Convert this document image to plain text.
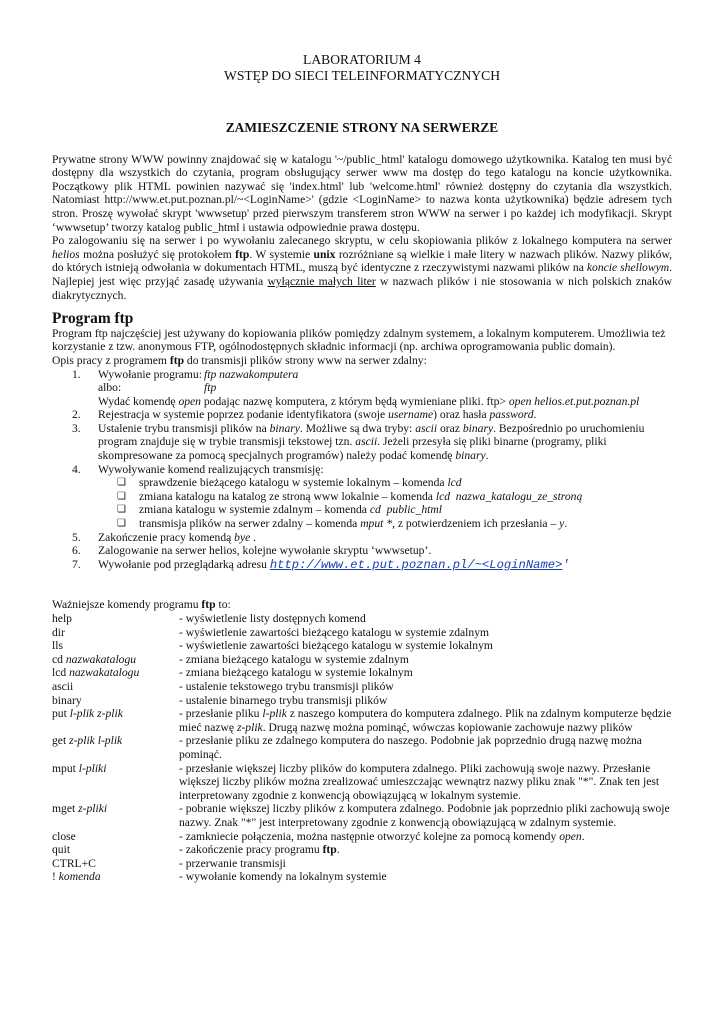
LABORATORIUM 4
WSTĘP DO SIECI TELEINFORMATYCZNYCH
ZAMIESZCZENIE STRONY NA SERWERZE

Prywatne strony WWW powinny znajdować się w katalogu '~/public_html' katalogu domowego użytkownika. Katalog ten musi być dostępny dla wszystkich do czytania, program obsługujący serwer www ma dostęp do tego katalogu na koncie użytkownika. Początkowy plik HTML powinien nazywać się 'index.html' lub 'welcome.html' również dostępny do czytania dla wszystkich. Natomiast http://www.et.put.poznan.pl/~<LoginName>' (gdzie <LoginName> to nazwa konta użytkownika) będzie adresem tych stron. Proszę wywołać skrypt 'wwwsetup' przed pierwszym transferem stron WWW na serwer i po każdej ich modyfikacji. Skrypt ‘wwwsetup’ tworzy katalog public_html i ustawia odpowiednie prawa dostępu.

Po zalogowaniu się na serwer i po wywołaniu zalecanego skryptu, w celu skopiowania plików z lokalnego komputera na serwer helios można posłużyć się protokołem ftp. W systemie unix rozróżniane są wielkie i małe litery w nazwach plików. Nazwy plików, do których istnieją odwołania w dokumentach HTML, muszą być identyczne z rzeczywistymi nazwami plików na koncie shellowym. Najlepiej jest więc przyjąć zasadę używania wyłącznie małych liter w nazwach plików i nie stosowania w nich polskich znaków diakrytycznych.

Program ftp

Program ftp najczęściej jest używany do kopiowania plików pomiędzy zdalnym systemem, a lokalnym komputerem. Umożliwia też korzystanie z tzw. anonymous FTP, ogólnodostępnych składnic informacji (np. archiwa oprogramowania public domain).

Opis pracy z programem ftp do transmisji plików strony www na serwer zdalny:

1. Wywołanie programu: ftp nazwakomputera
albo:	ftp
Wydać komendę open podając nazwę komputera, z którym będą wymieniane pliki. ftp> open helios.et.put.poznan.pl
2. Rejestracja w systemie poprzez podanie identyfikatora (swoje username) oraz hasła password.
3. Ustalenie trybu transmisji plików na binary. Możliwe są dwa tryby: ascii oraz binary. Bezpośrednio po uruchomieniu program znajduje się w trybie transmisji tekstowej tzn. ascii. Jeżeli przesyła się pliki binarne (programy, pliki skompresowane za pomocą specjalnych programów) należy podać komendę binary.
4. Wywoływanie komend realizujących transmisję:
❏ sprawdzenie bieżącego katalogu w systemie lokalnym – komenda lcd
❏ zmiana katalogu na katalog ze stroną www lokalnie – komenda lcd  nazwa_katalogu_ze_stroną
❏ zmiana katalogu w systemie zdalnym – komenda cd  public_html
❏ transmisja plików na serwer zdalny – komenda mput *, z potwierdzeniem ich przesłania – y.
5. Zakończenie pracy komendą bye .
6. Zalogowanie na serwer helios, kolejne wywołanie skryptu ‘wwwsetup’.
7. Wywołanie pod przeglądarką adresu http://www.et.put.poznan.pl/~<LoginName>'

Ważniejsze komendy programu ftp to:

help	- wyświetlenie listy dostępnych komend
dir	- wyświetlenie zawartości bieżącego katalogu w systemie zdalnym
lls	- wyświetlenie zawartości bieżącego katalogu w systemie lokalnym
cd nazwakatalogu	- zmiana bieżącego katalogu w systemie zdalnym
lcd nazwakatalogu	- zmiana bieżącego katalogu w systemie lokalnym
ascii	- ustalenie tekstowego trybu transmisji plików
binary	- ustalenie binarnego trybu transmisji plików
put l-plik z-plik	- przesłanie pliku l-plik z naszego komputera do komputera zdalnego. Plik na zdalnym komputerze będzie mieć nazwę z-plik. Drugą nazwę można pominąć, wówczas kopiowanie zachowuje nazwy plików
get z-plik l-plik	- przesłanie pliku ze zdalnego komputera do naszego. Podobnie jak poprzednio drugą nazwę można pominąć.
mput l-pliki	- przesłanie większej liczby plików do komputera zdalnego. Pliki zachowują swoje nazwy. Przesłanie większej liczby plików można zrealizować umieszczając wewnątrz nazwy pliku znak "*". Znak ten jest interpretowany zgodnie z konwencją obowiązującą w lokalnym systemie.
mget z-pliki	- pobranie większej liczby plików z komputera zdalnego. Podobnie jak poprzednio pliki zachowują swoje nazwy. Znak "*" jest interpretowany zgodnie z konwencją obowiązującą w zdalnym systemie.
close	- zamkniecie połączenia, można następnie otworzyć kolejne za pomocą komendy open.
quit	- zakończenie pracy programu ftp.
CTRL+C	- przerwanie transmisji
! komenda	- wywołanie komendy na lokalnym systemie
